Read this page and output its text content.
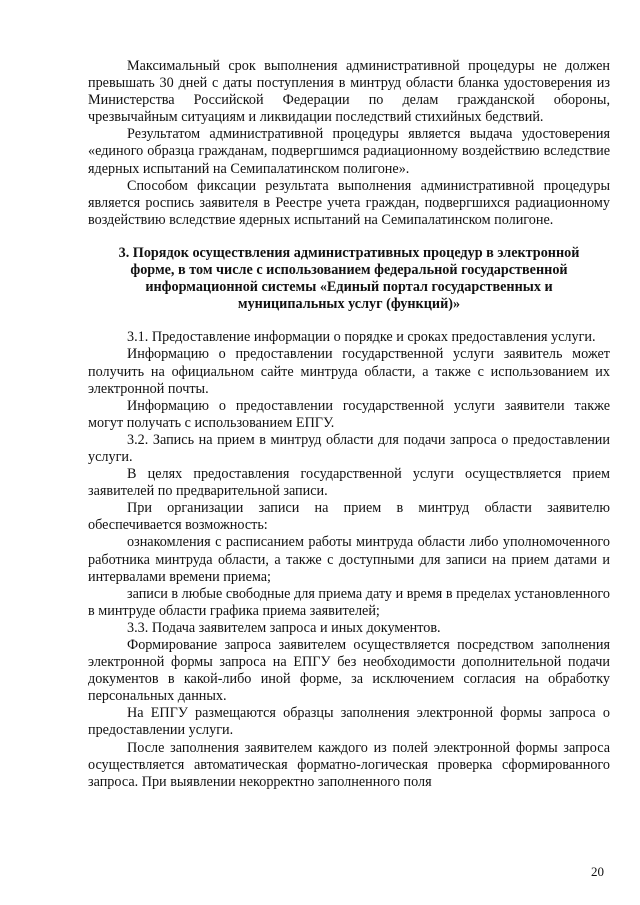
Максимальный срок выполнения административной процедуры не должен превышать 30 дней с даты поступления в минтруд области бланка удостоверения из Министерства Российской Федерации по делам гражданской обороны, чрезвычайным ситуациям и ликвидации последствий стихийных бедствий.

Результатом административной процедуры является выдача удостоверения «единого образца гражданам, подвергшимся радиационному воздействию вследствие ядерных испытаний на Семипалатинском полигоне».

Способом фиксации результата выполнения административной процедуры является роспись заявителя в Реестре учета граждан, подвергшихся радиационному воздействию вследствие ядерных испытаний на Семипалатинском полигоне.

3. Порядок осуществления административных процедур в электронной форме, в том числе с использованием федеральной государственной информационной системы «Единый портал государственных и муниципальных услуг (функций)»

3.1. Предоставление информации о порядке и сроках предоставления услуги.

Информацию о предоставлении государственной услуги заявитель может получить на официальном сайте минтруда области, а также с использованием их электронной почты.

Информацию о предоставлении государственной услуги заявители также могут получать с использованием ЕПГУ.

3.2. Запись на прием в минтруд области для подачи запроса о предоставлении услуги.

В целях предоставления государственной услуги осуществляется прием заявителей по предварительной записи.

При организации записи на прием в минтруд области заявителю обеспечивается возможность:

ознакомления с расписанием работы минтруда области либо уполномоченного работника минтруда области, а также с доступными для записи на прием датами и интервалами времени приема;

записи в любые свободные для приема дату и время в пределах установленного в минтруде области графика приема заявителей;

3.3. Подача заявителем запроса и иных документов.

Формирование запроса заявителем осуществляется посредством заполнения электронной формы запроса на ЕПГУ без необходимости дополнительной подачи документов в какой-либо иной форме, за исключением согласия на обработку персональных данных.

На ЕПГУ размещаются образцы заполнения электронной формы запроса о предоставлении услуги.

После заполнения заявителем каждого из полей электронной формы запроса осуществляется автоматическая форматно-логическая проверка сформированного запроса. При выявлении некорректно заполненного поля

20
